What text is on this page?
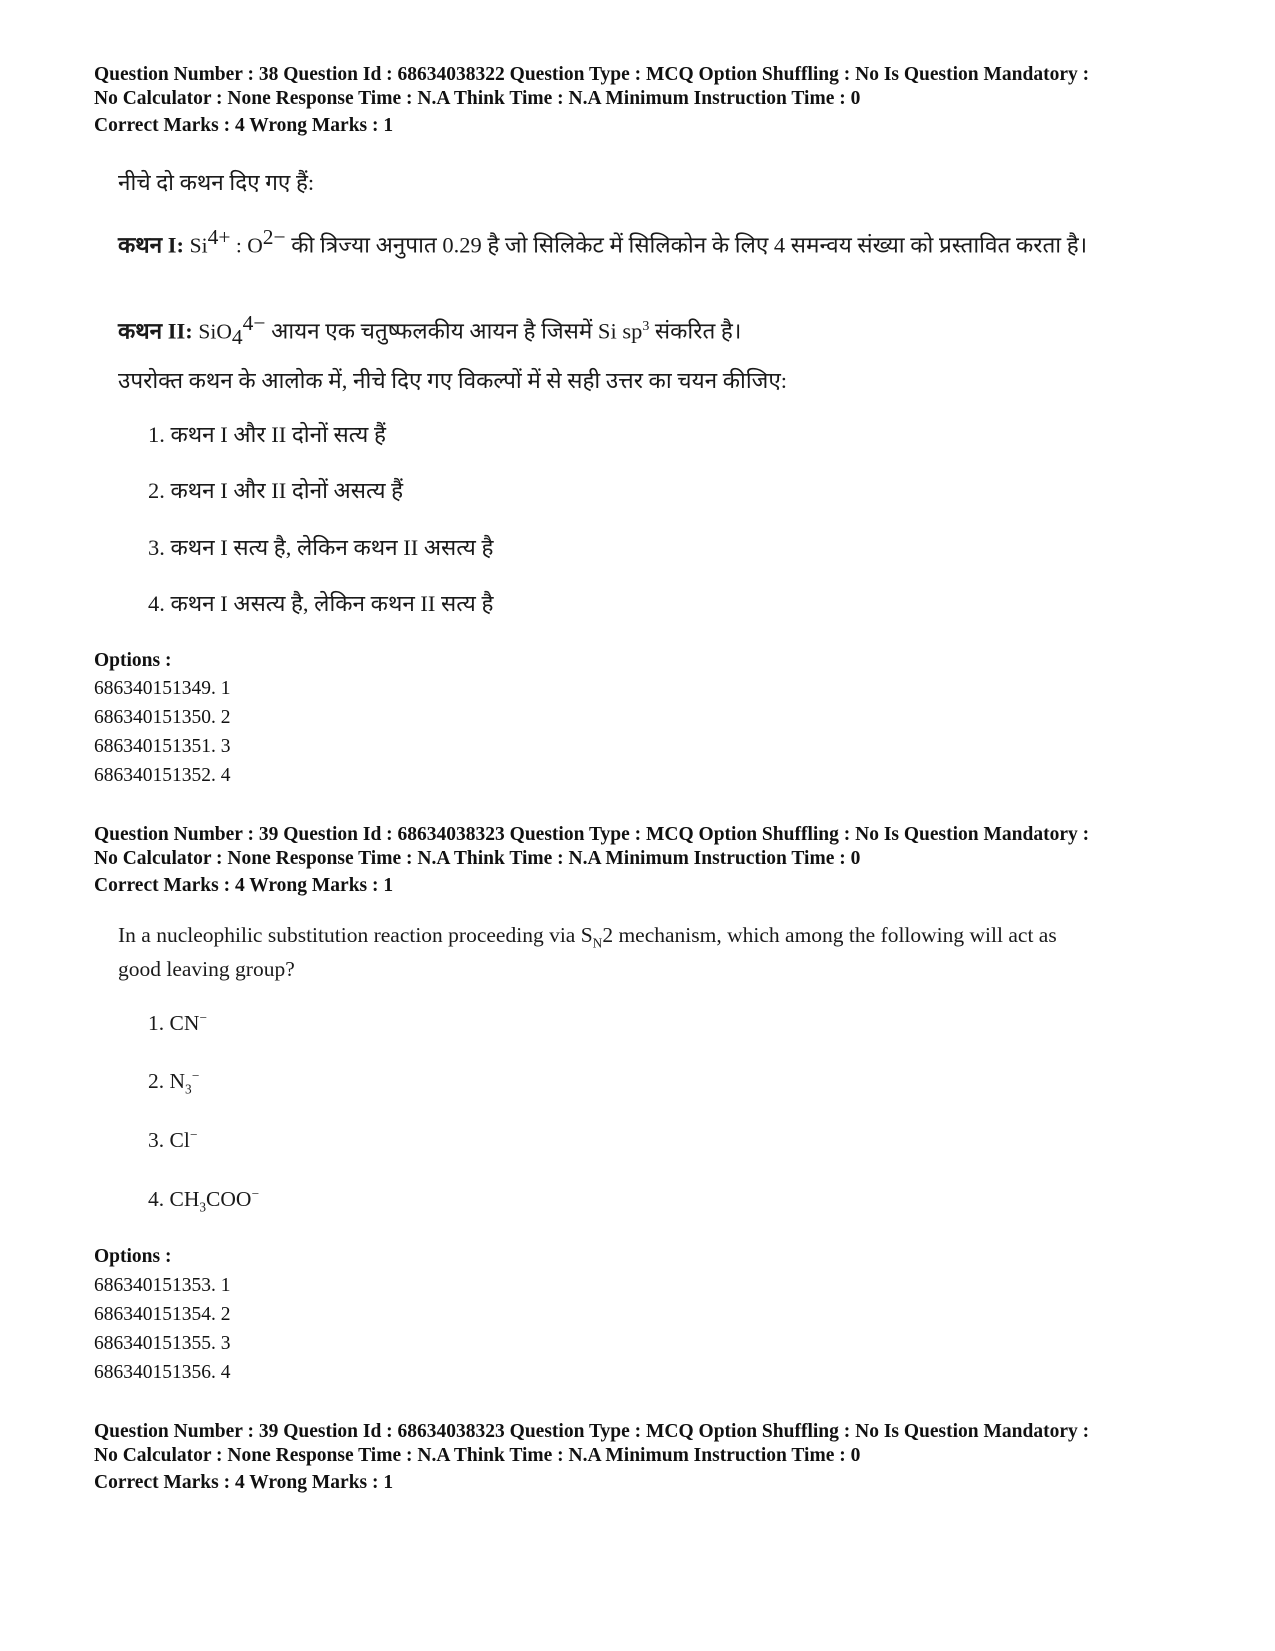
Question Number : 38 Question Id : 68634038322 Question Type : MCQ Option Shuffling : No Is Question Mandatory :
No Calculator : None Response Time : N.A Think Time : N.A Minimum Instruction Time : 0
Correct Marks : 4 Wrong Marks : 1
नीचे दो कथन दिए गए हैं:
कथन I: $Si^{4+}$ : $O^{2-}$ की त्रिज्या अनुपात 0.29 है जो सिलिकेट में सिलिकोन के लिए 4 समन्वय संख्या को प्रस्तावित करता है।
कथन II: SiO$_4^{4-}$ आयन एक चतुष्फलकीय आयन है जिसमें Si $sp^3$ संकरित है।
उपरोक्त कथन के आलोक में, नीचे दिए गए विकल्पों में से सही उत्तर का चयन कीजिए:
1. कथन I और II दोनों सत्य हैं
2. कथन I और II दोनों असत्य हैं
3. कथन I सत्य है, लेकिन कथन II असत्य है
4. कथन I असत्य है, लेकिन कथन II सत्य है
Options :
686340151349. 1
686340151350. 2
686340151351. 3
686340151352. 4
Question Number : 39 Question Id : 68634038323 Question Type : MCQ Option Shuffling : No Is Question Mandatory :
No Calculator : None Response Time : N.A Think Time : N.A Minimum Instruction Time : 0
Correct Marks : 4 Wrong Marks : 1
In a nucleophilic substitution reaction proceeding via $S_N2$ mechanism, which among the following will act as
good leaving group?
1. CN−
2. $N_3^-$
3. Cl−
4. $CH_3COO^-$
Options :
686340151353. 1
686340151354. 2
686340151355. 3
686340151356. 4
Question Number : 39 Question Id : 68634038323 Question Type : MCQ Option Shuffling : No Is Question Mandatory :
No Calculator : None Response Time : N.A Think Time : N.A Minimum Instruction Time : 0
Correct Marks : 4 Wrong Marks : 1
